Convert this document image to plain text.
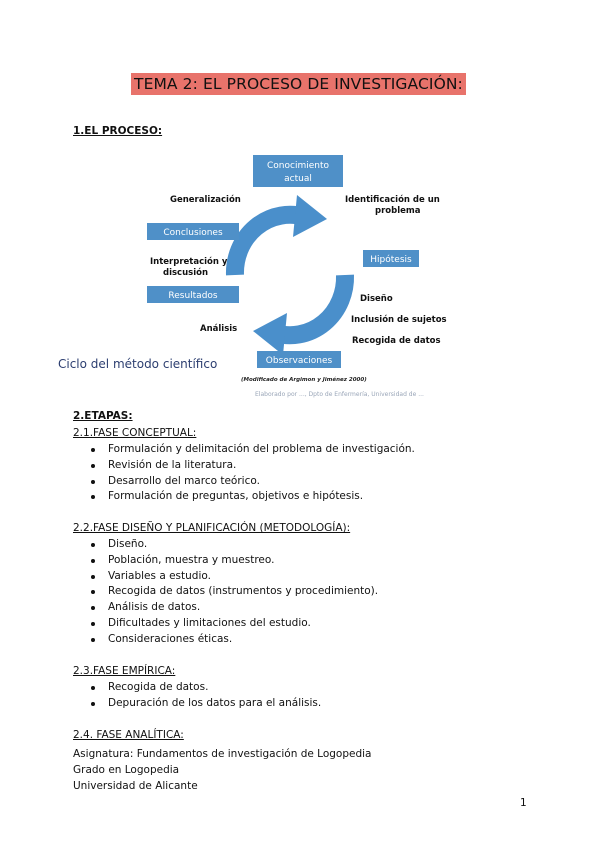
TEMA 2: EL PROCESO DE INVESTIGACIÓN:
1.EL PROCESO:
Conocimiento
actual
Conclusiones
Hipótesis
Resultados
Observaciones
Generalización	Identificación de un
problema
Interpretación y
discusión
Diseño
Inclusión de sujetos
Recogida de datos
Análisis
Ciclo del método científico
(Modificado de Argimon y Jiménez 2000)
Elaborado por ..., Dpto de Enfermería, Universidad de ...
2.ETAPAS:
2.1.FASE CONCEPTUAL:
Formulación y delimitación del problema de investigación.
Revisión de la literatura.
Desarrollo del marco teórico.
Formulación de preguntas, objetivos e hipótesis.
2.2.FASE DISEÑO Y PLANIFICACIÓN (METODOLOGÍA):
Diseño.
Población, muestra y muestreo.
Variables a estudio.
Recogida de datos (instrumentos y procedimiento).
Análisis de datos.
Dificultades y limitaciones del estudio.
Consideraciones éticas.
2.3.FASE EMPÍRICA:
Recogida de datos.
Depuración de los datos para el análisis.
2.4. FASE ANALÍTICA:
Asignatura: Fundamentos de investigación de Logopedia
Grado en Logopedia
Universidad de Alicante
1
